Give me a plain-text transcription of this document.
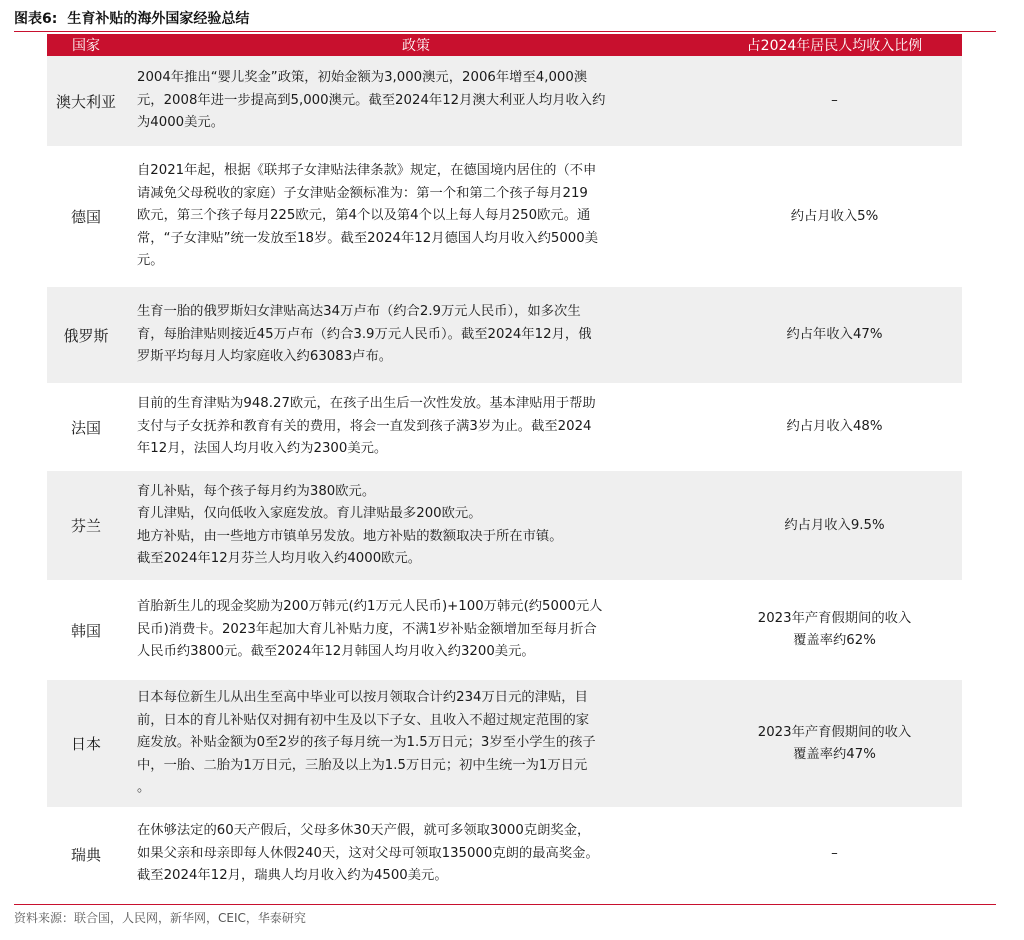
图表6: 生育补贴的海外国家经验总结
国家	政策	占2024年居民人均收入比例
澳大利亚
2004年推出“婴儿奖金”政策，初始金额为3,000澳元，2006年增至4,000澳
元，2008年进一步提高到5,000澳元。截至2024年12月澳大利亚人均月收入约
为4000美元。
–
德国
自2021年起，根据《联邦子女津贴法律条款》规定，在德国境内居住的（不申
请减免父母税收的家庭）子女津贴金额标准为：第一个和第二个孩子每月219
欧元，第三个孩子每月225欧元，第4个以及第4个以上每人每月250欧元。通
常，“子女津贴”统一发放至18岁。截至2024年12月德国人均月收入约5000美
元。
约占月收入5%
俄罗斯
生育一胎的俄罗斯妇女津贴高达34万卢布（约合2.9万元人民币），如多次生
育，每胎津贴则接近45万卢布（约合3.9万元人民币）。截至2024年12月，俄
罗斯平均每月人均家庭收入约63083卢布。
约占年收入47%
法国
目前的生育津贴为948.27欧元，在孩子出生后一次性发放。基本津贴用于帮助
支付与子女抚养和教育有关的费用，将会一直发到孩子满3岁为止。截至2024
年12月，法国人均月收入约为2300美元。
约占月收入48%
芬兰
育儿补贴，每个孩子每月约为380欧元。
育儿津贴，仅向低收入家庭发放。育儿津贴最多200欧元。
地方补贴，由一些地方市镇单另发放。地方补贴的数额取决于所在市镇。
截至2024年12月芬兰人均月收入约4000欧元。
约占月收入9.5%
韩国
首胎新生儿的现金奖励为200万韩元(约1万元人民币)+100万韩元(约5000元人
民币)消费卡。2023年起加大育儿补贴力度，不满1岁补贴金额增加至每月折合
人民币约3800元。截至2024年12月韩国人均月收入约3200美元。
2023年产育假期间的收入
覆盖率约62%
日本
日本每位新生儿从出生至高中毕业可以按月领取合计约234万日元的津贴，目
前，日本的育儿补贴仅对拥有初中生及以下子女、且收入不超过规定范围的家
庭发放。补贴金额为0至2岁的孩子每月统一为1.5万日元；3岁至小学生的孩子
中，一胎、二胎为1万日元，三胎及以上为1.5万日元；初中生统一为1万日元
。
2023年产育假期间的收入
覆盖率约47%
瑞典
在休够法定的60天产假后，父母多休30天产假，就可多领取3000克朗奖金，
如果父亲和母亲即每人休假240天，这对父母可领取135000克朗的最高奖金。
截至2024年12月，瑞典人均月收入约为4500美元。
–
资料来源：联合国，人民网，新华网，CEIC，华泰研究
